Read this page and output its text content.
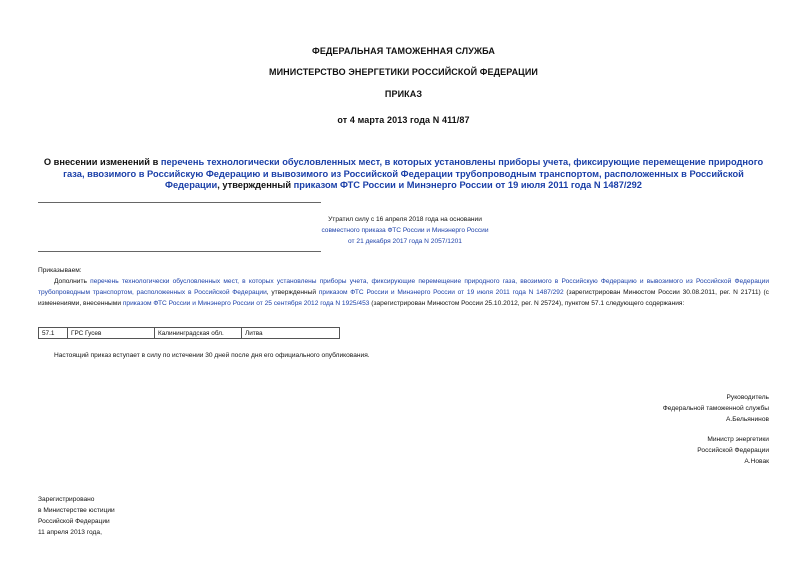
ФЕДЕРАЛЬНАЯ ТАМОЖЕННАЯ СЛУЖБА
МИНИСТЕРСТВО ЭНЕРГЕТИКИ РОССИЙСКОЙ ФЕДЕРАЦИИ
ПРИКАЗ
от 4 марта 2013 года N 411/87
О внесении изменений в перечень технологически обусловленных мест, в которых установлены приборы учета, фиксирующие перемещение природного газа, ввозимого в Российскую Федерацию и вывозимого из Российской Федерации трубопроводным транспортом, расположенных в Российской Федерации, утвержденный приказом ФТС России и Минэнерго России от 19 июля 2011 года N 1487/292
Утратил силу с 16 апреля 2018 года на основании
совместного приказа ФТС России и Минэнерго России
от 21 декабря 2017 года N 2057/1201
Приказываем:
Дополнить перечень технологически обусловленных мест, в которых установлены приборы учета, фиксирующие перемещение природного газа, ввозимого в Российскую Федерацию и вывозимого из Российской Федерации трубопроводным транспортом, расположенных в Российской Федерации, утвержденный приказом ФТС России и Минэнерго России от 19 июля 2011 года N 1487/292 (зарегистрирован Минюстом России 30.08.2011, рег. N 21711) (с изменениями, внесенными приказом ФТС России и Минэнерго России от 25 сентября 2012 года N 1925/453 (зарегистрирован Минюстом России 25.10.2012, рег. N 25724), пунктом 57.1 следующего содержания:
57.1	ГРС Гусев	Калининградская обл.	Литва
Настоящий приказ вступает в силу по истечении 30 дней после дня его официального опубликования.
Руководитель
Федеральной таможенной службы
А.Бельянинов
Министр энергетики
Российской Федерации
А.Новак
Зарегистрировано
в Министерстве юстиции
Российской Федерации
11 апреля 2013 года,
